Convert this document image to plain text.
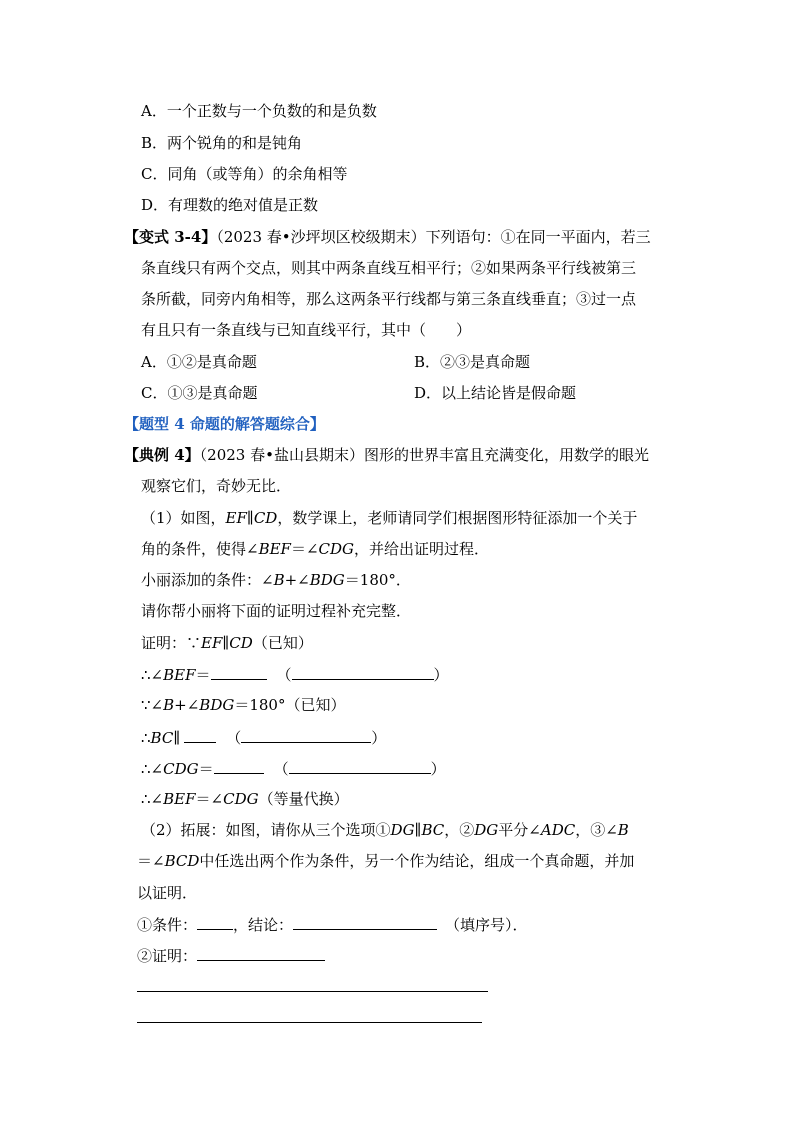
A．一个正数与一个负数的和是负数
B．两个锐角的和是钝角
C．同角（或等角）的余角相等
D．有理数的绝对值是正数
【变式 3-4】（2023 春•沙坪坝区校级期末）下列语句：①在同一平面内，若三
条直线只有两个交点，则其中两条直线互相平行；②如果两条平行线被第三
条所截，同旁内角相等，那么这两条平行线都与第三条直线垂直；③过一点
有且只有一条直线与已知直线平行，其中（　　）
A．①②是真命题	B．②③是真命题
C．①③是真命题	D．以上结论皆是假命题
【题型 4 命题的解答题综合】
【典例 4】（2023 春•盐山县期末）图形的世界丰富且充满变化，用数学的眼光
观察它们，奇妙无比．
（1）如图，EF∥CD，数学课上，老师请同学们根据图形特征添加一个关于
角的条件，使得∠BEF＝∠CDG，并给出证明过程．
小丽添加的条件：∠B+∠BDG＝180°．
请你帮小丽将下面的证明过程补充完整．
证明：∵EF∥CD（已知）
∴∠BEF＝	（	）
∵∠B+∠BDG＝180°（已知）
∴BC∥	（	）
∴∠CDG＝	（	）
∴∠BEF＝∠CDG（等量代换）
（2）拓展：如图，请你从三个选项①DG∥BC，②DG平分∠ADC，③∠B
＝∠BCD中任选出两个作为条件，另一个作为结论，组成一个真命题，并加
以证明．
①条件： ，结论：	（填序号）．
②证明：
